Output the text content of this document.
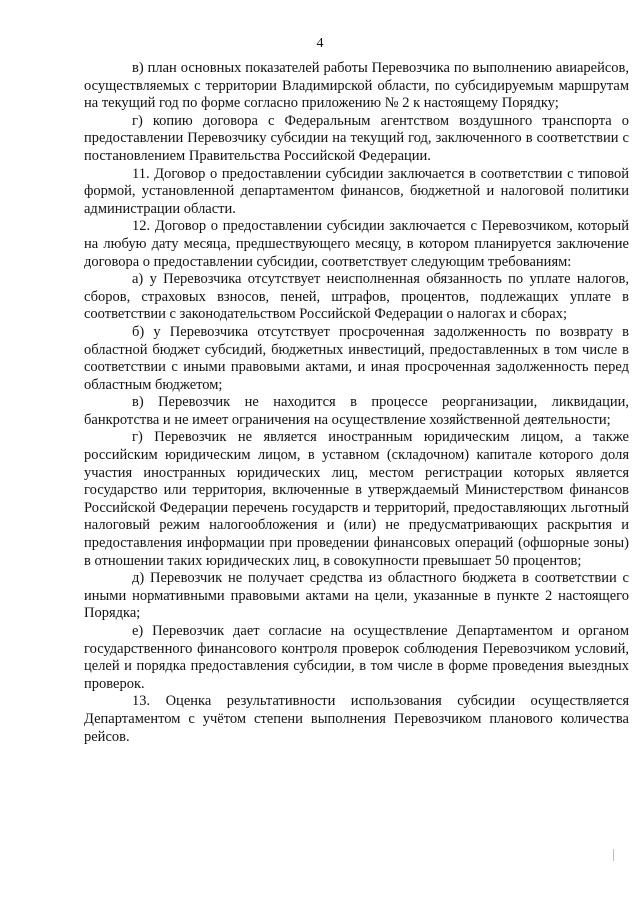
4

в) план основных показателей работы Перевозчика по выполнению авиарейсов, осуществляемых с территории Владимирской области, по субсидируемым маршрутам на текущий год по форме согласно приложению № 2 к настоящему Порядку;

г) копию договора с Федеральным агентством воздушного транспорта о предоставлении Перевозчику субсидии на текущий год, заключенного в соответствии с постановлением Правительства Российской Федерации.

11. Договор о предоставлении субсидии заключается в соответствии с типовой формой, установленной департаментом финансов, бюджетной и налоговой политики администрации области.

12. Договор о предоставлении субсидии заключается с Перевозчиком, который на любую дату месяца, предшествующего месяцу, в котором планируется заключение договора о предоставлении субсидии, соответствует следующим требованиям:

а) у Перевозчика отсутствует неисполненная обязанность по уплате налогов, сборов, страховых взносов, пеней, штрафов, процентов, подлежащих уплате в соответствии с законодательством Российской Федерации о налогах и сборах;

б) у Перевозчика отсутствует просроченная задолженность по возврату в областной бюджет субсидий, бюджетных инвестиций, предоставленных в том числе в соответствии с иными правовыми актами, и иная просроченная задолженность перед областным бюджетом;

в) Перевозчик не находится в процессе реорганизации, ликвидации, банкротства и не имеет ограничения на осуществление хозяйственной деятельности;

г) Перевозчик не является иностранным юридическим лицом, а также российским юридическим лицом, в уставном (складочном) капитале которого доля участия иностранных юридических лиц, местом регистрации которых является государство или территория, включенные в утверждаемый Министерством финансов Российской Федерации перечень государств и территорий, предоставляющих льготный налоговый режим налогообложения и (или) не предусматривающих раскрытия и предоставления информации при проведении финансовых операций (офшорные зоны) в отношении таких юридических лиц, в совокупности превышает 50 процентов;

д) Перевозчик не получает средства из областного бюджета в соответствии с иными нормативными правовыми актами на цели, указанные в пункте 2 настоящего Порядка;

е) Перевозчик дает согласие на осуществление Департаментом и органом государственного финансового контроля проверок соблюдения Перевозчиком условий, целей и порядка предоставления субсидии, в том числе в форме проведения выездных проверок.

13. Оценка результативности использования субсидии осуществляется Департаментом с учётом степени выполнения Перевозчиком планового количества рейсов.
